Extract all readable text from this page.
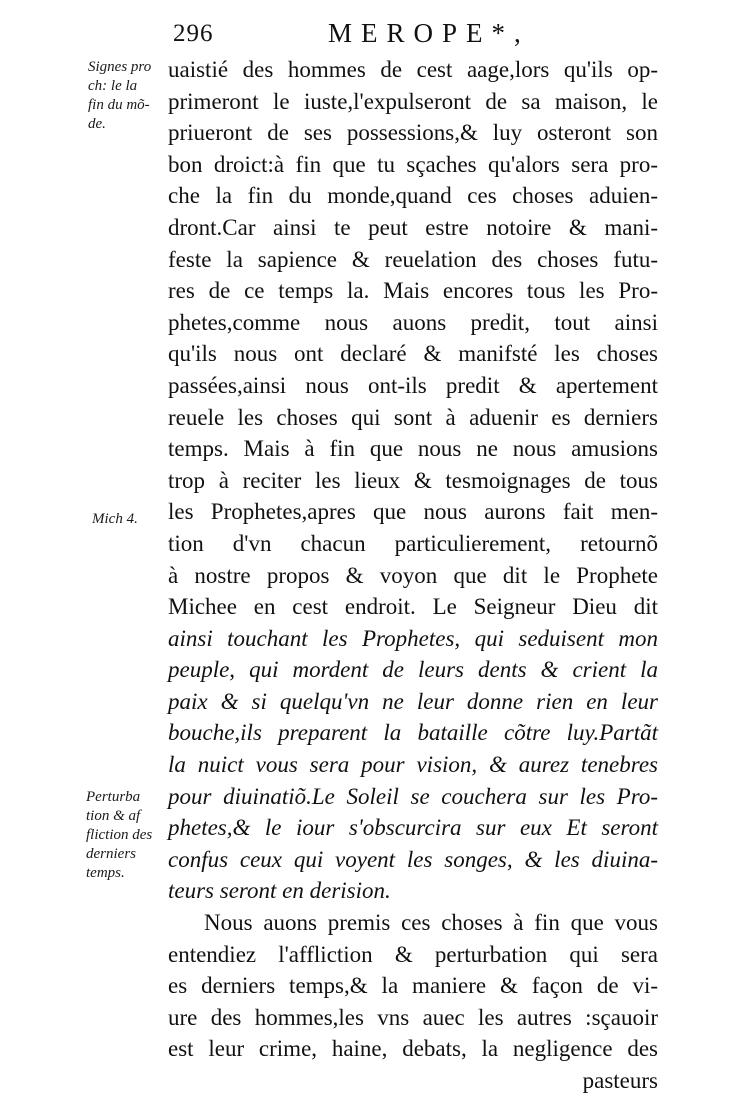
296	MEROPE*,
Signes pro
ch: le la
fin du mõ-
de.
Mich 4.
Perturba
tion & af
fliction des
derniers
temps.
uaistié des hommes de cest aage,lors qu'ils op-
primeront le iuste,l'expulseront de sa maison, le
priueront de ses possessions,& luy osteront son
bon droict:à fin que tu sçaches qu'alors sera pro-
che la fin du monde,quand ces choses aduien-
dront.Car ainsi te peut estre notoire & mani-
feste la sapience & reuelation des choses futu-
res de ce temps la. Mais encores tous les Pro-
phetes,comme nous auons predit, tout ainsi
qu'ils nous ont declaré & manifsté les choses
passées,ainsi nous ont-ils predit & apertement
reuele les choses qui sont à aduenir es derniers
temps. Mais à fin que nous ne nous amusions
trop à reciter les lieux & tesmoignages de tous
les Prophetes,apres que nous aurons fait men-
tion d'vn chacun particulierement, retournõ
à nostre propos & voyon que dit le Prophete
Michee en cest endroit. Le Seigneur Dieu dit
ainsi touchant les Prophetes, qui seduisent mon
peuple, qui mordent de leurs dents & crient la
paix & si quelqu'vn ne leur donne rien en leur
bouche,ils preparent la bataille cõtre luy.Partãt
la nuict vous sera pour vision, & aurez tenebres
pour diuinatiõ.Le Soleil se couchera sur les Pro-
phetes,& le iour s'obscurcira sur eux Et seront
confus ceux qui voyent les songes, & les diuina-
teurs seront en derision.
Nous auons premis ces choses à fin que vous
entendiez l'affliction & perturbation qui sera
es derniers temps,& la maniere & façon de vi-
ure des hommes,les vns auec les autres :sçauoir
est leur crime, haine, debats, la negligence des
pasteurs
